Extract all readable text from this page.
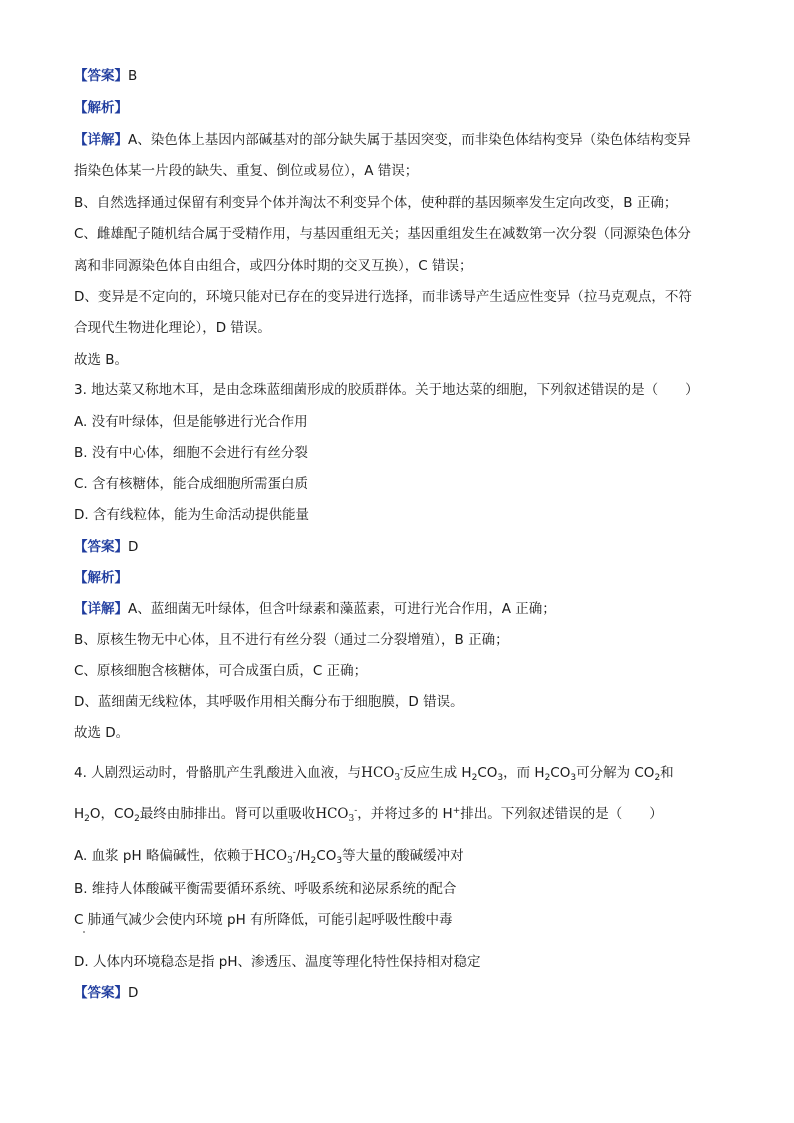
【答案】B
【解析】
【详解】A、染色体上基因内部碱基对的部分缺失属于基因突变，而非染色体结构变异（染色体结构变异
指染色体某一片段的缺失、重复、倒位或易位），A 错误；
B、自然选择通过保留有利变异个体并淘汰不利变异个体，使种群的基因频率发生定向改变，B 正确；
C、雌雄配子随机结合属于受精作用，与基因重组无关；基因重组发生在减数第一次分裂（同源染色体分
离和非同源染色体自由组合，或四分体时期的交叉互换），C 错误；
D、变异是不定向的，环境只能对已存在的变异进行选择，而非诱导产生适应性变异（拉马克观点，不符
合现代生物进化理论），D 错误。
故选 B。
3. 地达菜又称地木耳，是由念珠蓝细菌形成的胶质群体。关于地达菜的细胞，下列叙述错误的是（　　）
A. 没有叶绿体，但是能够进行光合作用
B. 没有中心体，细胞不会进行有丝分裂
C. 含有核糖体，能合成细胞所需蛋白质
D. 含有线粒体，能为生命活动提供能量
【答案】D
【解析】
【详解】A、蓝细菌无叶绿体，但含叶绿素和藻蓝素，可进行光合作用，A 正确；
B、原核生物无中心体，且不进行有丝分裂（通过二分裂增殖），B 正确；
C、原核细胞含核糖体，可合成蛋白质，C 正确；
D、蓝细菌无线粒体，其呼吸作用相关酶分布于细胞膜，D 错误。
故选 D。
4. 人剧烈运动时，骨骼肌产生乳酸进入血液，与$HCO_3^-$反应生成 $H_2CO_3$，而 $H_2CO_3$可分解为 $CO_2$和
$H_2O$，$CO_2$最终由肺排出。肾可以重吸收$HCO_3^-$，并将过多的 H+排出。下列叙述错误的是（　　）
A. 血浆 pH 略偏碱性，依赖于$HCO_3^-/H_2CO_3$等大量的酸碱缓冲对
B. 维持人体酸碱平衡需要循环系统、呼吸系统和泌尿系统的配合
C 肺通气减少会使内环境 pH 有所降低，可能引起呼吸性酸中毒
D. 人体内环境稳态是指 pH、渗透压、温度等理化特性保持相对稳定
【答案】D
